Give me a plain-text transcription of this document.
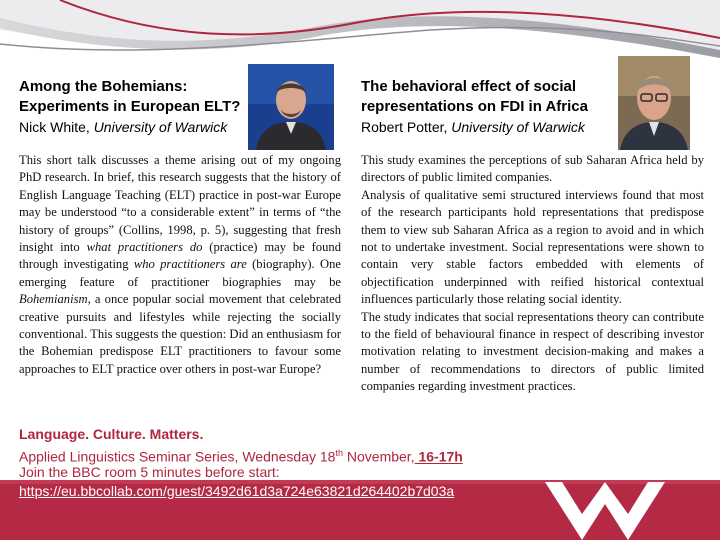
Among the Bohemians:
Experiments in European ELT?
Nick White, University of Warwick

This short talk discusses a theme arising out of my ongoing PhD research. In brief, this research suggests that the history of English Language Teaching (ELT) practice in post-war Europe may be understood “to a considerable extent” in terms of “the history of groups” (Collins, 1998, p. 5), suggesting that fresh insight into what practitioners do (practice) may be found through investigating who practitioners are (biography). One emerging feature of practitioner biographies may be Bohemianism, a once popular social movement that celebrated creative pursuits and lifestyles while rejecting the socially conventional. This suggests the question: Did an enthusiasm for the Bohemian predispose ELT practitioners to favour some approaches to ELT practice over others in post-war Europe?

The behavioral effect of social
representations on FDI in Africa
Robert Potter, University of Warwick
This study examines the perceptions of sub Saharan Africa held by directors of public limited companies.
Analysis of qualitative semi structured interviews found that most of the research participants hold representations that predispose them to view sub Saharan Africa as a region to avoid and in which not to undertake investment. Social representations were shown to contain very stable factors embedded with elements of objectification underpinned with reified historical contextual influences particularly those relating social identity.
The study indicates that social representations theory can contribute to the field of behavioural finance in respect of describing investor motivation relating to investment decision-making and makes a number of recommendations to directors of public limited companies regarding investment practices.
Language. Culture. Matters.
Applied Linguistics Seminar Series, Wednesday 18th November, 16-17h
Join the BBC room 5 minutes before start:
https://eu.bbcollab.com/guest/3492d61d3a724e63821d264402b7d03a
